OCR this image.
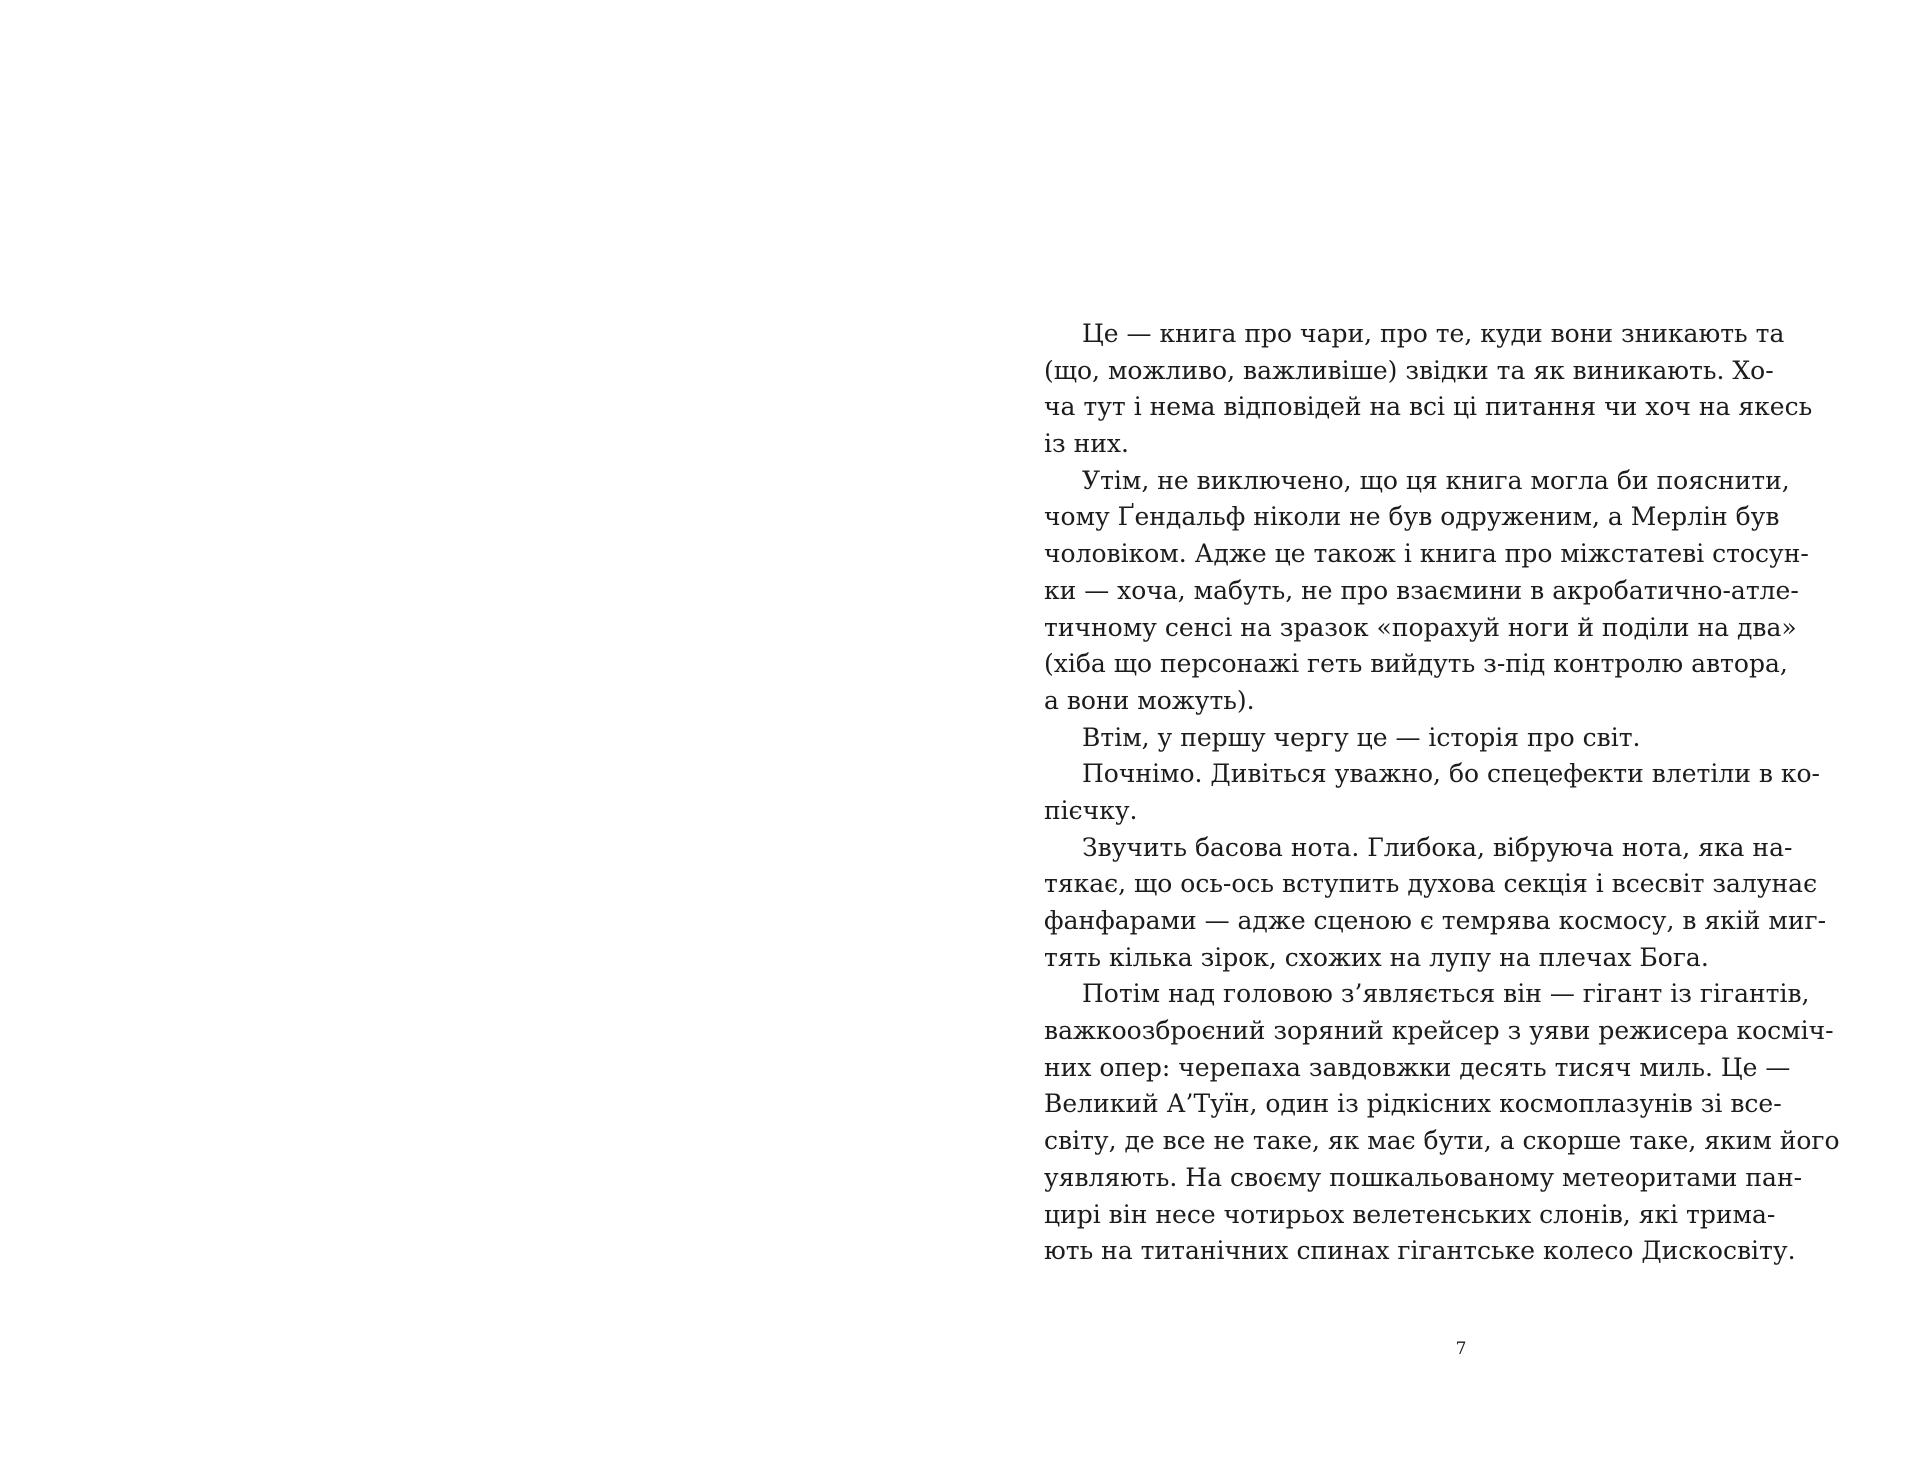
Це — книга про чари, про те, куди вони зникають та
(що, можливо, важливіше) звідки та як виникають. Хо-
ча тут і нема відповідей на всі ці питання чи хоч на якесь
із них.
Утім, не виключено, що ця книга могла би пояснити,
чому Ґендальф ніколи не був одруженим, а Мерлін був
чоловіком. Адже це також і книга про міжстатеві стосун-
ки — хоча, мабуть, не про взаємини в акробатично-атле-
тичному сенсі на зразок «порахуй ноги й поділи на два»
(хіба що персонажі геть вийдуть з-під контролю автора,
а вони можуть).
Втім, у першу чергу це — історія про світ.
Почнімо. Дивіться уважно, бо спецефекти влетіли в ко-
пієчку.
Звучить басова нота. Глибока, вібруюча нота, яка на-
тякає, що ось-ось вступить духова секція і всесвіт залунає
фанфарами — адже сценою є темрява космосу, в якій миг-
тять кілька зірок, схожих на лупу на плечах Бога.
Потім над головою з’являється він — гігант із гігантів,
важкоозброєний зоряний крейсер з уяви режисера косміч-
них опер: черепаха завдовжки десять тисяч миль. Це —
Великий А’Туїн, один із рідкісних космоплазунів зі все-
світу, де все не таке, як має бути, а скорше таке, яким його
уявляють. На своєму пошкальованому метеоритами пан-
цирі він несе чотирьох велетенських слонів, які трима-
ють на титанічних спинах гігантське колесо Дискосвіту.
7
